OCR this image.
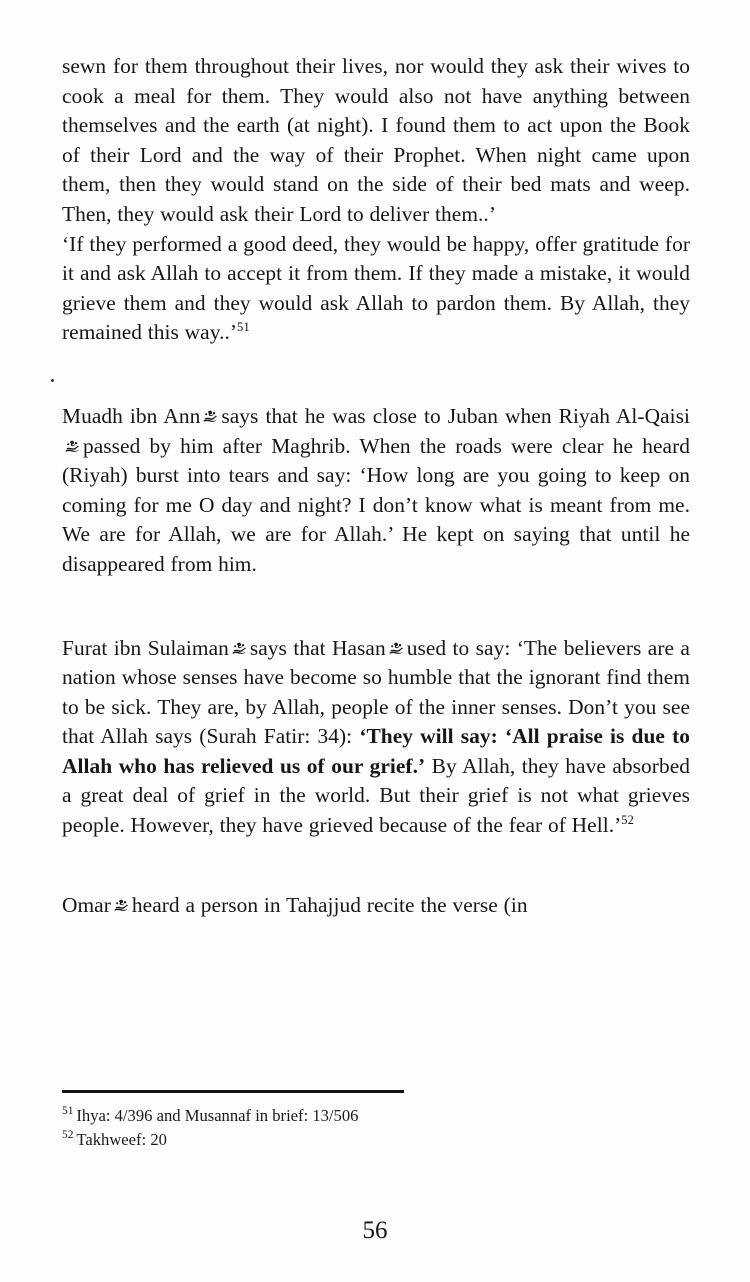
sewn for them throughout their lives, nor would they ask their wives to cook a meal for them. They would also not have anything between themselves and the earth (at night). I found them to act upon the Book of their Lord and the way of their Prophet. When night came upon them, then they would stand on the side of their bed mats and weep. Then, they would ask their Lord to deliver them..’

‘If they performed a good deed, they would be happy, offer gratitude for it and ask Allah to accept it from them. If they made a mistake, it would grieve them and they would ask Allah to pardon them. By Allah, they remained this way..’$^{51}$

Muadh ibn Ann says that he was close to Juban when Riyah Al-Qaisi
passed by him after Maghrib. When the roads were clear he heard (Riyah) burst into tears and say: ‘How long are you going to keep on coming for me O day and night? I don’t know what is meant from me. We are for Allah, we are for Allah.’ He kept on saying that until he disappeared from him.

Furat ibn Sulaiman says that Hasan used to say: ‘The believers are a nation whose senses have become so humble that the ignorant find them to be sick. They are, by Allah, people of the inner senses. Don’t you see that Allah says (Surah Fatir: 34): ‘They will say: ‘All praise is due to Allah who has relieved us of our grief.’ By Allah, they have absorbed a great deal of grief in the world. But their grief is not what grieves people. However, they have grieved because of the fear of Hell.’$^{52}$

Omar heard a person in Tahajjud recite the verse (in

$^{51}$ Ihya: 4/396 and Musannaf in brief: 13/506

$^{52}$ Takhweef: 20

56
